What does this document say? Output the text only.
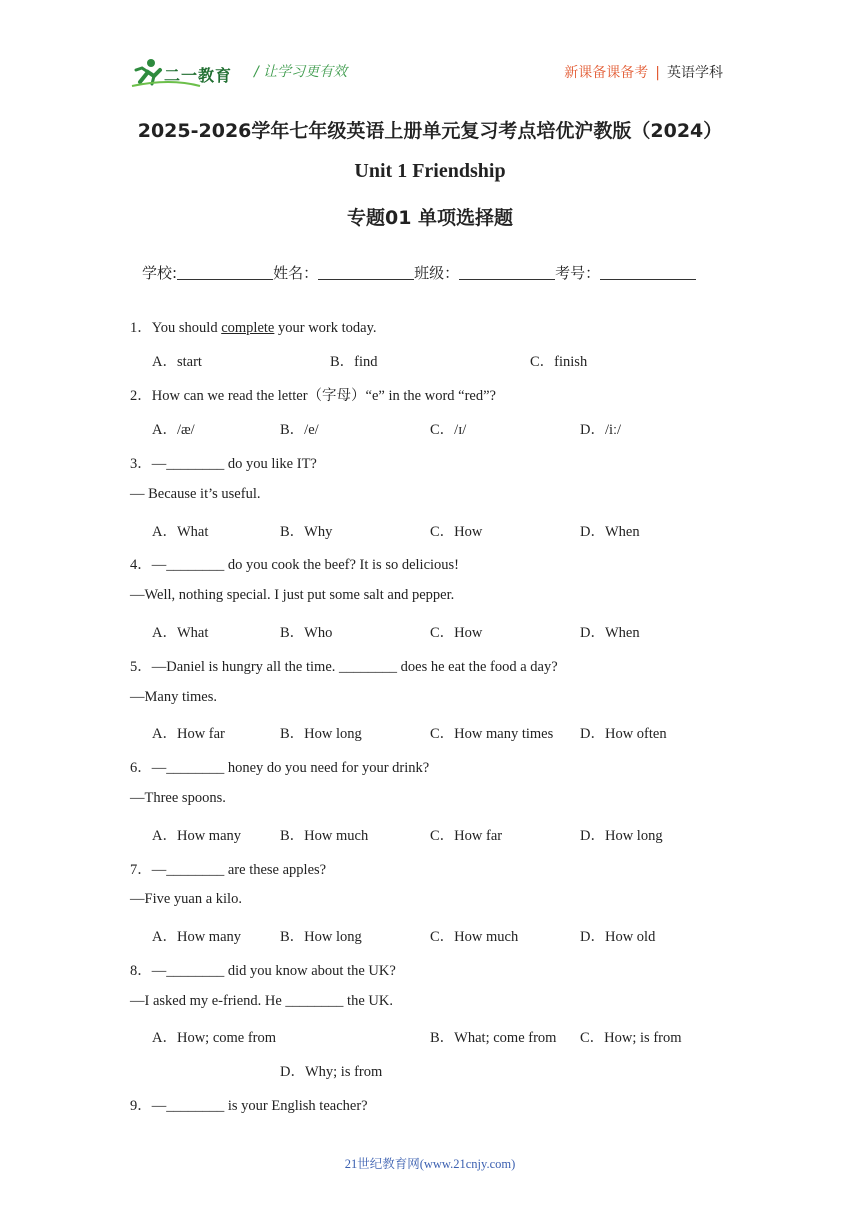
二一教育 / 让学习更有效	新课备课备考 | 英语学科
2025-2026学年七年级英语上册单元复习考点培优沪教版（2024）
Unit 1 Friendship
专题01 单项选择题
学校:	姓名：	班级：	考号：
1．You should complete your work today.
A．start	B．find	C．finish
2．How can we read the letter（字母）“e” in the word “red”?
A．/æ/	B．/e/	C．/ɪ/	D．/iː/
3．—________ do you like IT?
— Because it’s useful.
A．What	B．Why	C．How	D．When
4．—________ do you cook the beef? It is so delicious!
—Well, nothing special. I just put some salt and pepper.
A．What	B．Who	C．How	D．When
5．—Daniel is hungry all the time. ________ does he eat the food a day?
—Many times.
A．How far	B．How long	C．How many times D．How often
6．—________ honey do you need for your drink?
—Three spoons.
A．How many	B．How much	C．How far	D．How long
7．—________ are these apples?
—Five yuan a kilo.
A．How many	B．How long	C．How much	D．How old
8．—________ did you know about the UK?
—I asked my e-friend. He ________ the UK.
A．How; come from	B．What; come from C．How; is from
D．Why; is from
9．—________ is your English teacher?
21世纪教育网(www.21cnjy.com)
